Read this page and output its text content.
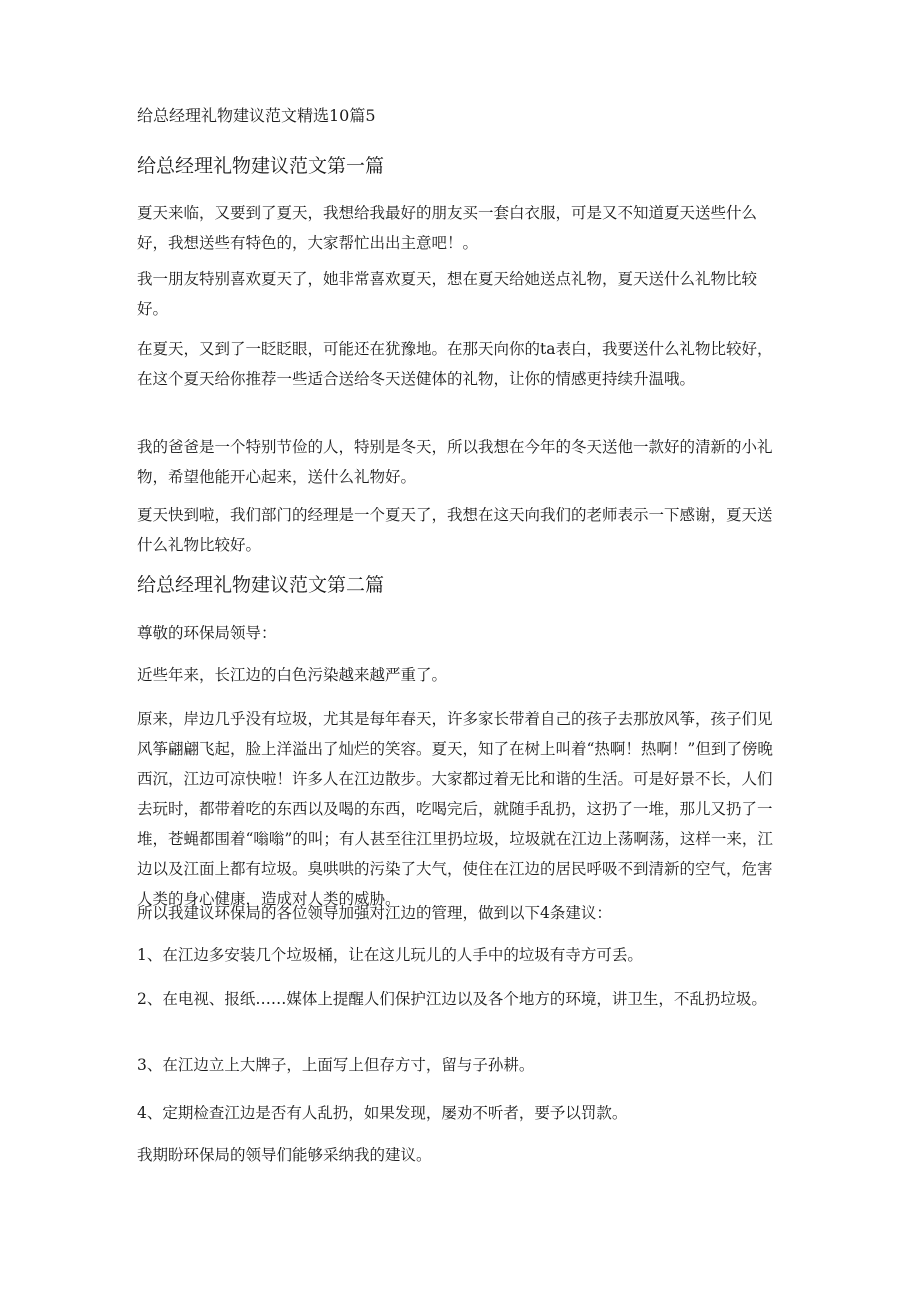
给总经理礼物建议范文精选10篇5
给总经理礼物建议范文第一篇

夏天来临，又要到了夏天，我想给我最好的朋友买一套白衣服，可是又不知道夏天送些什么好，我想送些有特色的，大家帮忙出出主意吧！。

我一朋友特别喜欢夏天了，她非常喜欢夏天，想在夏天给她送点礼物，夏天送什么礼物比较好。

在夏天，又到了一眨眨眼，可能还在犹豫地。在那天向你的ta表白，我要送什么礼物比较好，在这个夏天给你推荐一些适合送给冬天送健体的礼物，让你的情感更持续升温哦。

我的爸爸是一个特别节俭的人，特别是冬天，所以我想在今年的冬天送他一款好的清新的小礼物，希望他能开心起来，送什么礼物好。

夏天快到啦，我们部门的经理是一个夏天了，我想在这天向我们的老师表示一下感谢，夏天送什么礼物比较好。

给总经理礼物建议范文第二篇

尊敬的环保局领导：

近些年来，长江边的白色污染越来越严重了。

原来，岸边几乎没有垃圾，尤其是每年春天，许多家长带着自己的孩子去那放风筝，孩子们见风筝翩翩飞起，脸上洋溢出了灿烂的笑容。夏天，知了在树上叫着“热啊！热啊！”但到了傍晚西沉，江边可凉快啦！许多人在江边散步。大家都过着无比和谐的生活。可是好景不长，人们去玩时，都带着吃的东西以及喝的东西，吃喝完后，就随手乱扔，这扔了一堆，那儿又扔了一堆，苍蝇都围着“嗡嗡”的叫；有人甚至往江里扔垃圾，垃圾就在江边上荡啊荡，这样一来，江边以及江面上都有垃圾。臭哄哄的污染了大气，使住在江边的居民呼吸不到清新的空气，危害人类的身心健康，造成对人类的威胁。

所以我建议环保局的各位领导加强对江边的管理，做到以下4条建议：

1、在江边多安装几个垃圾桶，让在这儿玩儿的人手中的垃圾有寺方可丢。

2、在电视、报纸……媒体上提醒人们保护江边以及各个地方的环境，讲卫生，不乱扔垃圾。

3、在江边立上大牌子，上面写上但存方寸，留与子孙耕。

4、定期检查江边是否有人乱扔，如果发现，屡劝不听者，要予以罚款。

我期盼环保局的领导们能够采纳我的建议。
